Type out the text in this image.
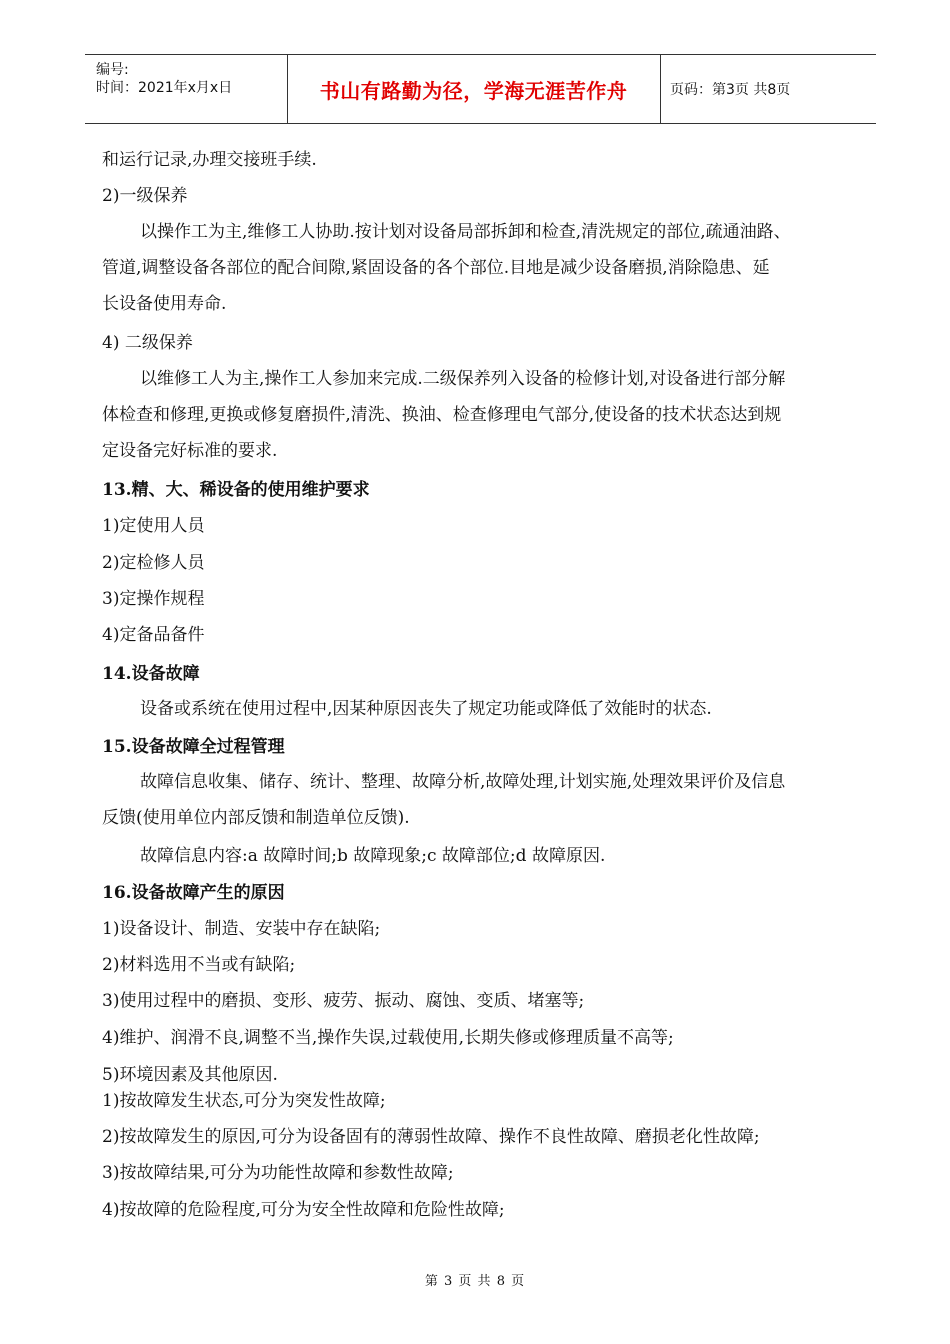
编号:
时间：2021年x月x日	书山有路勤为径，学海无涯苦作舟	页码：第3页 共8页
和运行记录,办理交接班手续.
2)一级保养
以操作工为主,维修工人协助.按计划对设备局部拆卸和检查,清洗规定的部位,疏通油路、
管道,调整设备各部位的配合间隙,紧固设备的各个部位.目地是减少设备磨损,消除隐患、延
长设备使用寿命.
4) 二级保养
以维修工人为主,操作工人参加来完成.二级保养列入设备的检修计划,对设备进行部分解
体检查和修理,更换或修复磨损件,清洗、换油、检查修理电气部分,使设备的技术状态达到规
定设备完好标准的要求.
13.精、大、稀设备的使用维护要求
1)定使用人员
2)定检修人员
3)定操作规程
4)定备品备件
14.设备故障
设备或系统在使用过程中,因某种原因丧失了规定功能或降低了效能时的状态.
15.设备故障全过程管理
故障信息收集、储存、统计、整理、故障分析,故障处理,计划实施,处理效果评价及信息
反馈(使用单位内部反馈和制造单位反馈).
故障信息内容:a 故障时间;b 故障现象;c 故障部位;d 故障原因.
16.设备故障产生的原因
1)设备设计、制造、安装中存在缺陷;
2)材料选用不当或有缺陷;
3)使用过程中的磨损、变形、疲劳、振动、腐蚀、变质、堵塞等;
4)维护、润滑不良,调整不当,操作失误,过载使用,长期失修或修理质量不高等;
5)环境因素及其他原因.
1)按故障发生状态,可分为突发性故障;
2)按故障发生的原因,可分为设备固有的薄弱性故障、操作不良性故障、磨损老化性故障;
3)按故障结果,可分为功能性故障和参数性故障;
4)按故障的危险程度,可分为安全性故障和危险性故障;
第 3 页 共 8 页
